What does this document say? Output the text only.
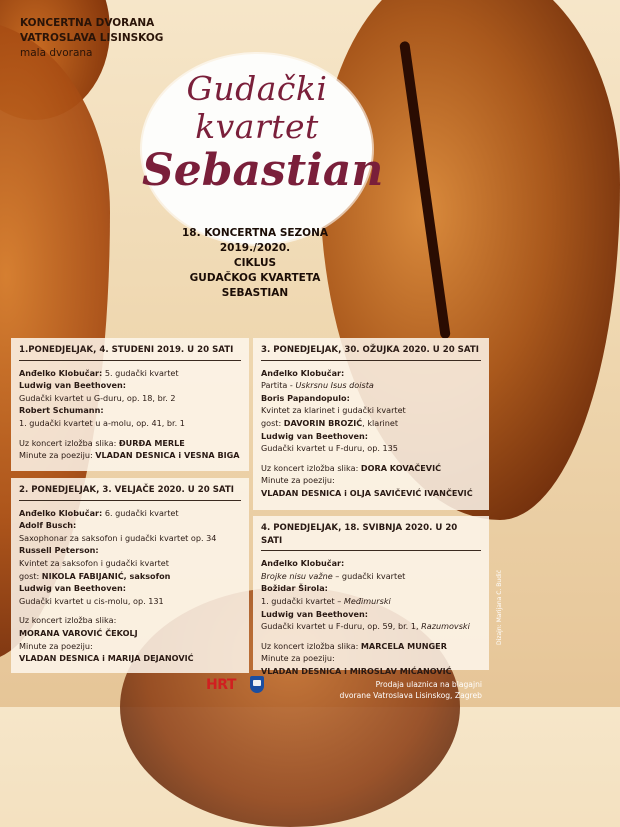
KONCERTNA DVORANA
VATROSLAVA LISINSKOG
mala dvorana
Gudački
kvartet
Sebastian
18. KONCERTNA SEZONA
2019./2020.
CIKLUS
GUDAČKOG KVARTETA
SEBASTIAN
1.PONEDJELJAK, 4. STUDENI 2019. U 20 SATI
Anđelko Klobučar: 5. gudački kvartet
Ludwig van Beethoven:
Gudački kvartet u G-duru, op. 18, br. 2
Robert Schumann:
1. gudački kvartet u a-molu, op. 41, br. 1
Uz koncert izložba slika: ĐURĐA MERLE
Minute za poeziju: VLADAN DESNICA i VESNA BIGA
2. PONEDJELJAK, 3. VELJAČE 2020. U 20 SATI
Anđelko Klobučar: 6. gudački kvartet
Adolf Busch:
Saxophonar za saksofon i gudački kvartet op. 34
Russell Peterson:
Kvintet za saksofon i gudački kvartet
gost: NIKOLA FABIJANIĆ, saksofon
Ludwig van Beethoven:
Gudački kvartet u cis-molu, op. 131
Uz koncert izložba slika:
MORANA VAROVIĆ ČEKOLJ
Minute za poeziju:
VLADAN DESNICA i MARIJA DEJANOVIĆ
3. PONEDJELJAK, 30. OŽUJKA 2020. U 20 SATI
Anđelko Klobučar:
Partita - Uskrsnu Isus doista
Boris Papandopulo:
Kvintet za klarinet i gudački kvartet
gost: DAVORIN BROZIĆ, klarinet
Ludwig van Beethoven:
Gudački kvartet u F-duru, op. 135
Uz koncert izložba slika: DORA KOVAČEVIĆ
Minute za poeziju:
VLADAN DESNICA i OLJA SAVIČEVIĆ IVANČEVIĆ
4. PONEDJELJAK, 18. SVIBNJA 2020. U 20 SATI
Anđelko Klobučar:
Brojke nisu važne – gudački kvartet
Božidar Širola:
1. gudački kvartet – Međimurski
Ludwig van Beethoven:
Gudački kvartet u F-duru, op. 59, br. 1, Razumovski
Uz koncert izložba slika: MARCELA MUNGER
Minute za poeziju:
VLADAN DESNICA i MIROSLAV MIĆANOVIĆ
Dizajn: Marijana C. Budić
HRT	Prodaja ulaznica na blagajni
dvorane Vatroslava Lisinskog, Zagreb
